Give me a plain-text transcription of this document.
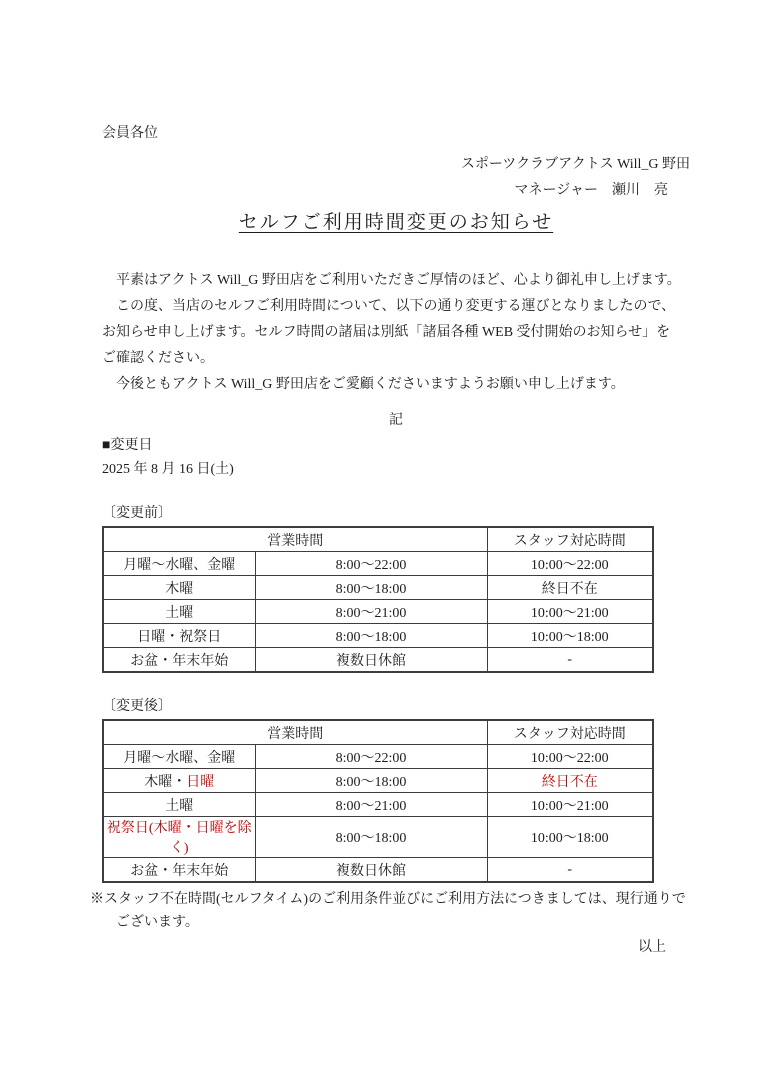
会員各位
スポーツクラブアクトス Will_G 野田
マネージャー　瀬川　亮
セルフご利用時間変更のお知らせ
　平素はアクトス Will_G 野田店をご利用いただきご厚情のほど、心より御礼申し上げます。
　この度、当店のセルフご利用時間について、以下の通り変更する運びとなりましたので、
お知らせ申し上げます。セルフ時間の諸届は別紙「諸届各種 WEB 受付開始のお知らせ」を
ご確認ください。
　今後ともアクトス Will_G 野田店をご愛顧くださいますようお願い申し上げます。
記
■変更日
2025 年 8 月 16 日(土)
〔変更前〕
営業時間		スタッフ対応時間
月曜～水曜、金曜	8:00～22:00	10:00～22:00
木曜	8:00～18:00	終日不在
土曜	8:00～21:00	10:00～21:00
日曜・祝祭日	8:00～18:00	10:00～18:00
お盆・年末年始	複数日休館	-
〔変更後〕
営業時間		スタッフ対応時間
月曜～水曜、金曜	8:00～22:00	10:00～22:00
木曜・日曜	8:00～18:00	終日不在
土曜	8:00～21:00	10:00～21:00
祝祭日(木曜・日曜を除く)	8:00～18:00	10:00～18:00
お盆・年末年始	複数日休館	-
※スタッフ不在時間(セルフタイム)のご利用条件並びにご利用方法につきましては、現行通りで
　ございます。
以上
